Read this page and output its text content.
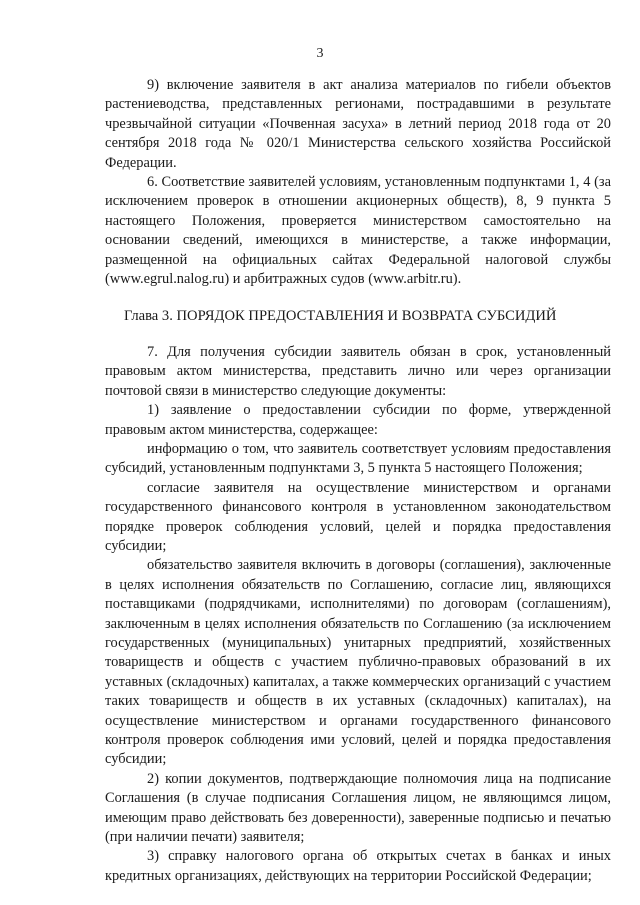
3

9) включение заявителя в акт анализа материалов по гибели объектов растениеводства, представленных регионами, пострадавшими в результате чрезвычайной ситуации «Почвенная засуха» в летний период 2018 года от 20 сентября 2018 года № 020/1 Министерства сельского хозяйства Российской Федерации.

6. Соответствие заявителей условиям, установленным подпунктами 1, 4 (за исключением проверок в отношении акционерных обществ), 8, 9 пункта 5 настоящего Положения, проверяется министерством самостоятельно на основании сведений, имеющихся в министерстве, а также информации, размещенной на официальных сайтах Федеральной налоговой службы (www.egrul.nalog.ru) и арбитражных судов (www.arbitr.ru).

Глава 3. ПОРЯДОК ПРЕДОСТАВЛЕНИЯ И ВОЗВРАТА СУБСИДИЙ

7. Для получения субсидии заявитель обязан в срок, установленный правовым актом министерства, представить лично или через организации почтовой связи в министерство следующие документы:

1) заявление о предоставлении субсидии по форме, утвержденной правовым актом министерства, содержащее:

информацию о том, что заявитель соответствует условиям предоставления субсидий, установленным подпунктами 3, 5 пункта 5 настоящего Положения;

согласие заявителя на осуществление министерством и органами государственного финансового контроля в установленном законодательством порядке проверок соблюдения условий, целей и порядка предоставления субсидии;

обязательство заявителя включить в договоры (соглашения), заключенные в целях исполнения обязательств по Соглашению, согласие лиц, являющихся поставщиками (подрядчиками, исполнителями) по договорам (соглашениям), заключенным в целях исполнения обязательств по Соглашению (за исключением государственных (муниципальных) унитарных предприятий, хозяйственных товариществ и обществ с участием публично-правовых образований в их уставных (складочных) капиталах, а также коммерческих организаций с участием таких товариществ и обществ в их уставных (складочных) капиталах), на осуществление министерством и органами государственного финансового контроля проверок соблюдения ими условий, целей и порядка предоставления субсидии;

2) копии документов, подтверждающие полномочия лица на подписание Соглашения (в случае подписания Соглашения лицом, не являющимся лицом, имеющим право действовать без доверенности), заверенные подписью и печатью (при наличии печати) заявителя;

3) справку налогового органа об открытых счетах в банках и иных кредитных организациях, действующих на территории Российской Федерации;
